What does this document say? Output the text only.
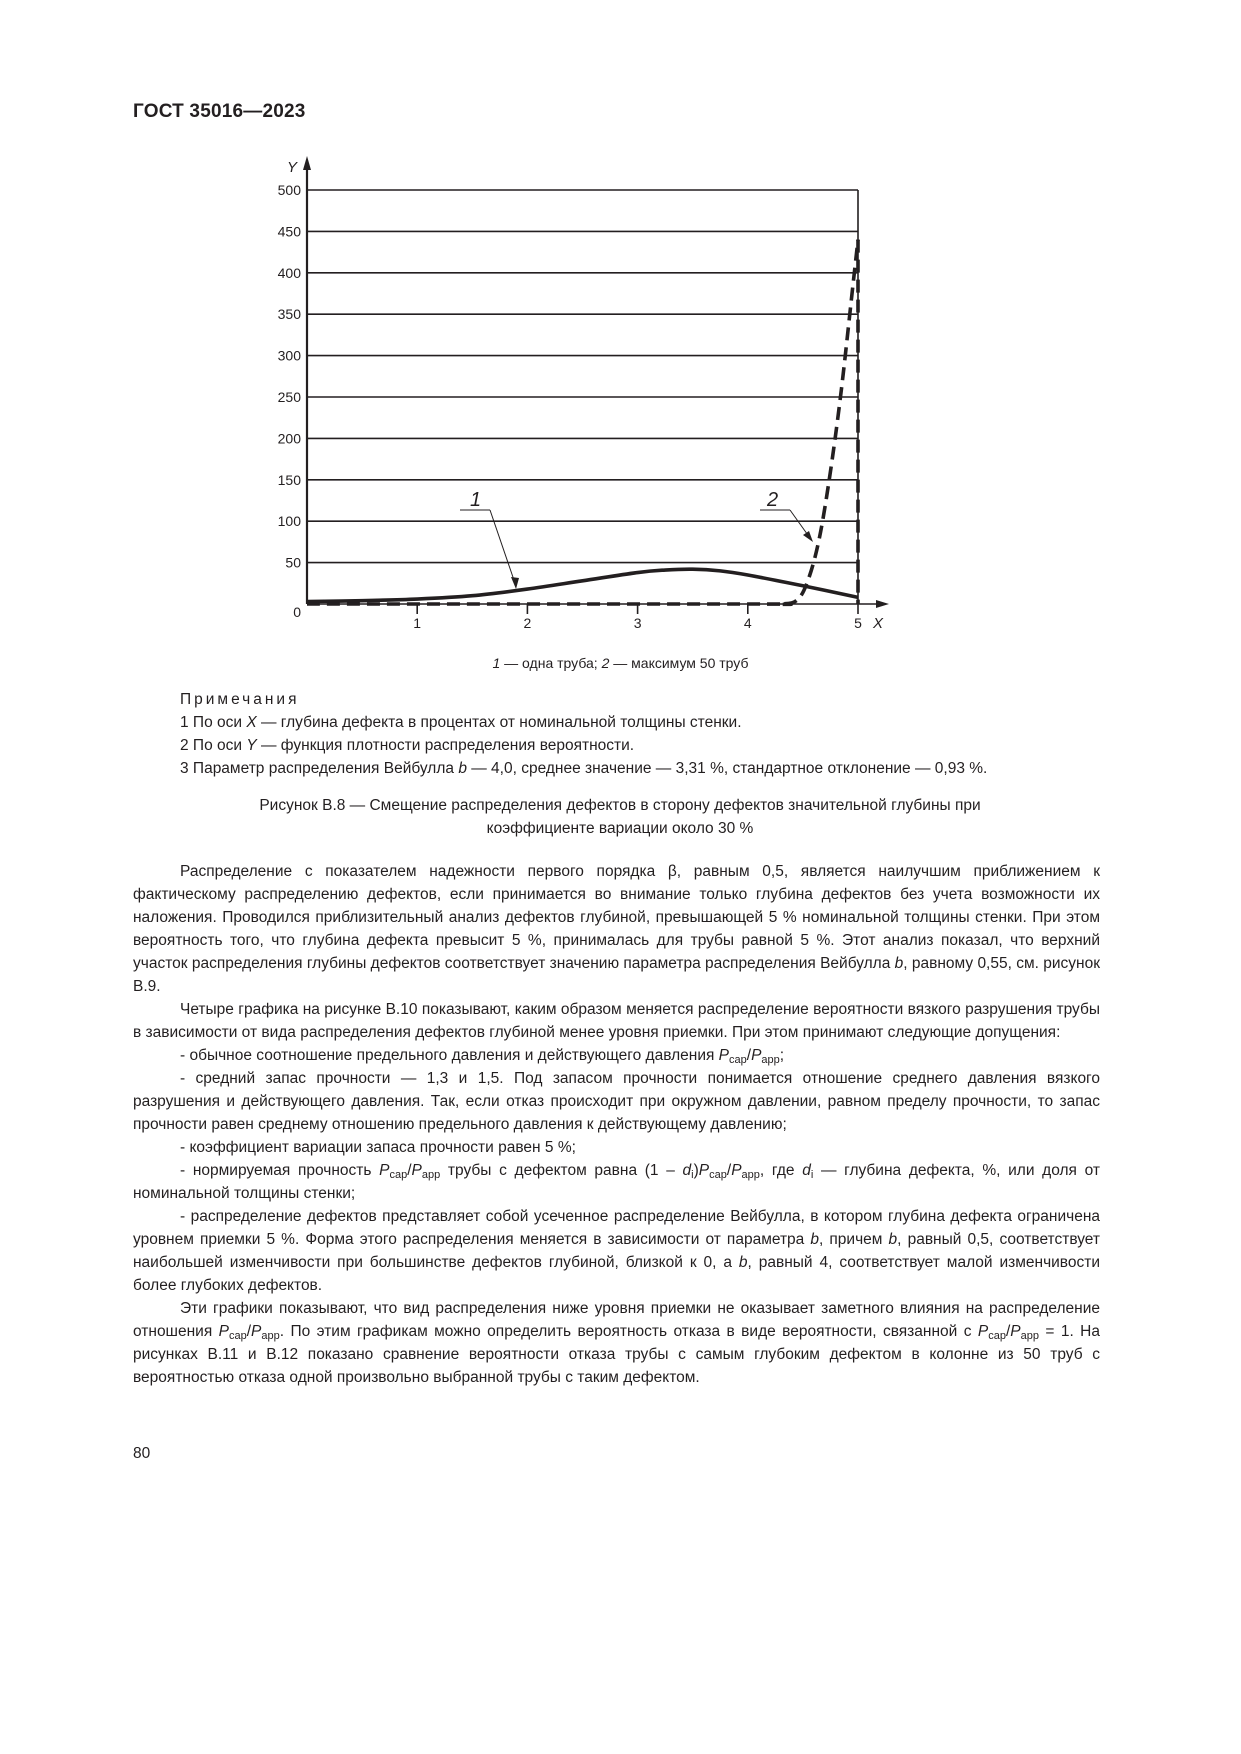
ГОСТ 35016—2023
0
50
100
150
200
250
300
350
400
450
500
1	2	3	4	5
Y
X
1	2
1 — одна труба; 2 — максимум 50 труб
Примечания
1 По оси X — глубина дефекта в процентах от номинальной толщины стенки.
2 По оси Y — функция плотности распределения вероятности.
3 Параметр распределения Вейбулла b — 4,0, среднее значение — 3,31 %, стандартное отклонение — 0,93 %.
Рисунок В.8 — Смещение распределения дефектов в сторону дефектов значительной глубины при
коэффициенте вариации около 30 %

Распределение с показателем надежности первого порядка β, равным 0,5, является наилучшим приближением к фактическому распределению дефектов, если принимается во внимание только глубина дефектов без учета возможности их наложения. Проводился приблизительный анализ дефектов глубиной, превышающей 5 % номинальной толщины стенки. При этом вероятность того, что глубина дефекта превысит 5 %, принималась для трубы равной 5 %. Этот анализ показал, что верхний участок распределения глубины дефектов соответствует значению параметра распределения Вейбулла b, равному 0,55, см. рисунок В.9.

Четыре графика на рисунке В.10 показывают, каким образом меняется распределение вероятности вязкого разрушения трубы в зависимости от вида распределения дефектов глубиной менее уровня приемки. При этом принимают следующие допущения:

- обычное соотношение предельного давления и действующего давления $P_{cap}/P_{app}$;

- средний запас прочности — 1,3 и 1,5. Под запасом прочности понимается отношение среднего давления вязкого разрушения и действующего давления. Так, если отказ происходит при окружном давлении, равном пределу прочности, то запас прочности равен среднему отношению предельного давления к действующему давлению;

- коэффициент вариации запаса прочности равен 5 %;

- нормируемая прочность $P_{cap}/P_{app}$ трубы с дефектом равна $(1 - d_i)P_{cap}/P_{app}$, где $d_i$ — глубина дефекта, %, или доля от номинальной толщины стенки;

- распределение дефектов представляет собой усеченное распределение Вейбулла, в котором глубина дефекта ограничена уровнем приемки 5 %. Форма этого распределения меняется в зависимости от параметра b, причем b, равный 0,5, соответствует наибольшей изменчивости при большинстве дефектов глубиной, близкой к 0, а b, равный 4, соответствует малой изменчивости более глубоких дефектов.

Эти графики показывают, что вид распределения ниже уровня приемки не оказывает заметного влияния на распределение отношения $P_{cap}/P_{app}$. По этим графикам можно определить вероятность отказа в виде вероятности, связанной с $P_{cap}/P_{app} = 1$. На рисунках В.11 и В.12 показано сравнение вероятности отказа трубы с самым глубоким дефектом в колонне из 50 труб с вероятностью отказа одной произвольно выбранной трубы с таким дефектом.

80
